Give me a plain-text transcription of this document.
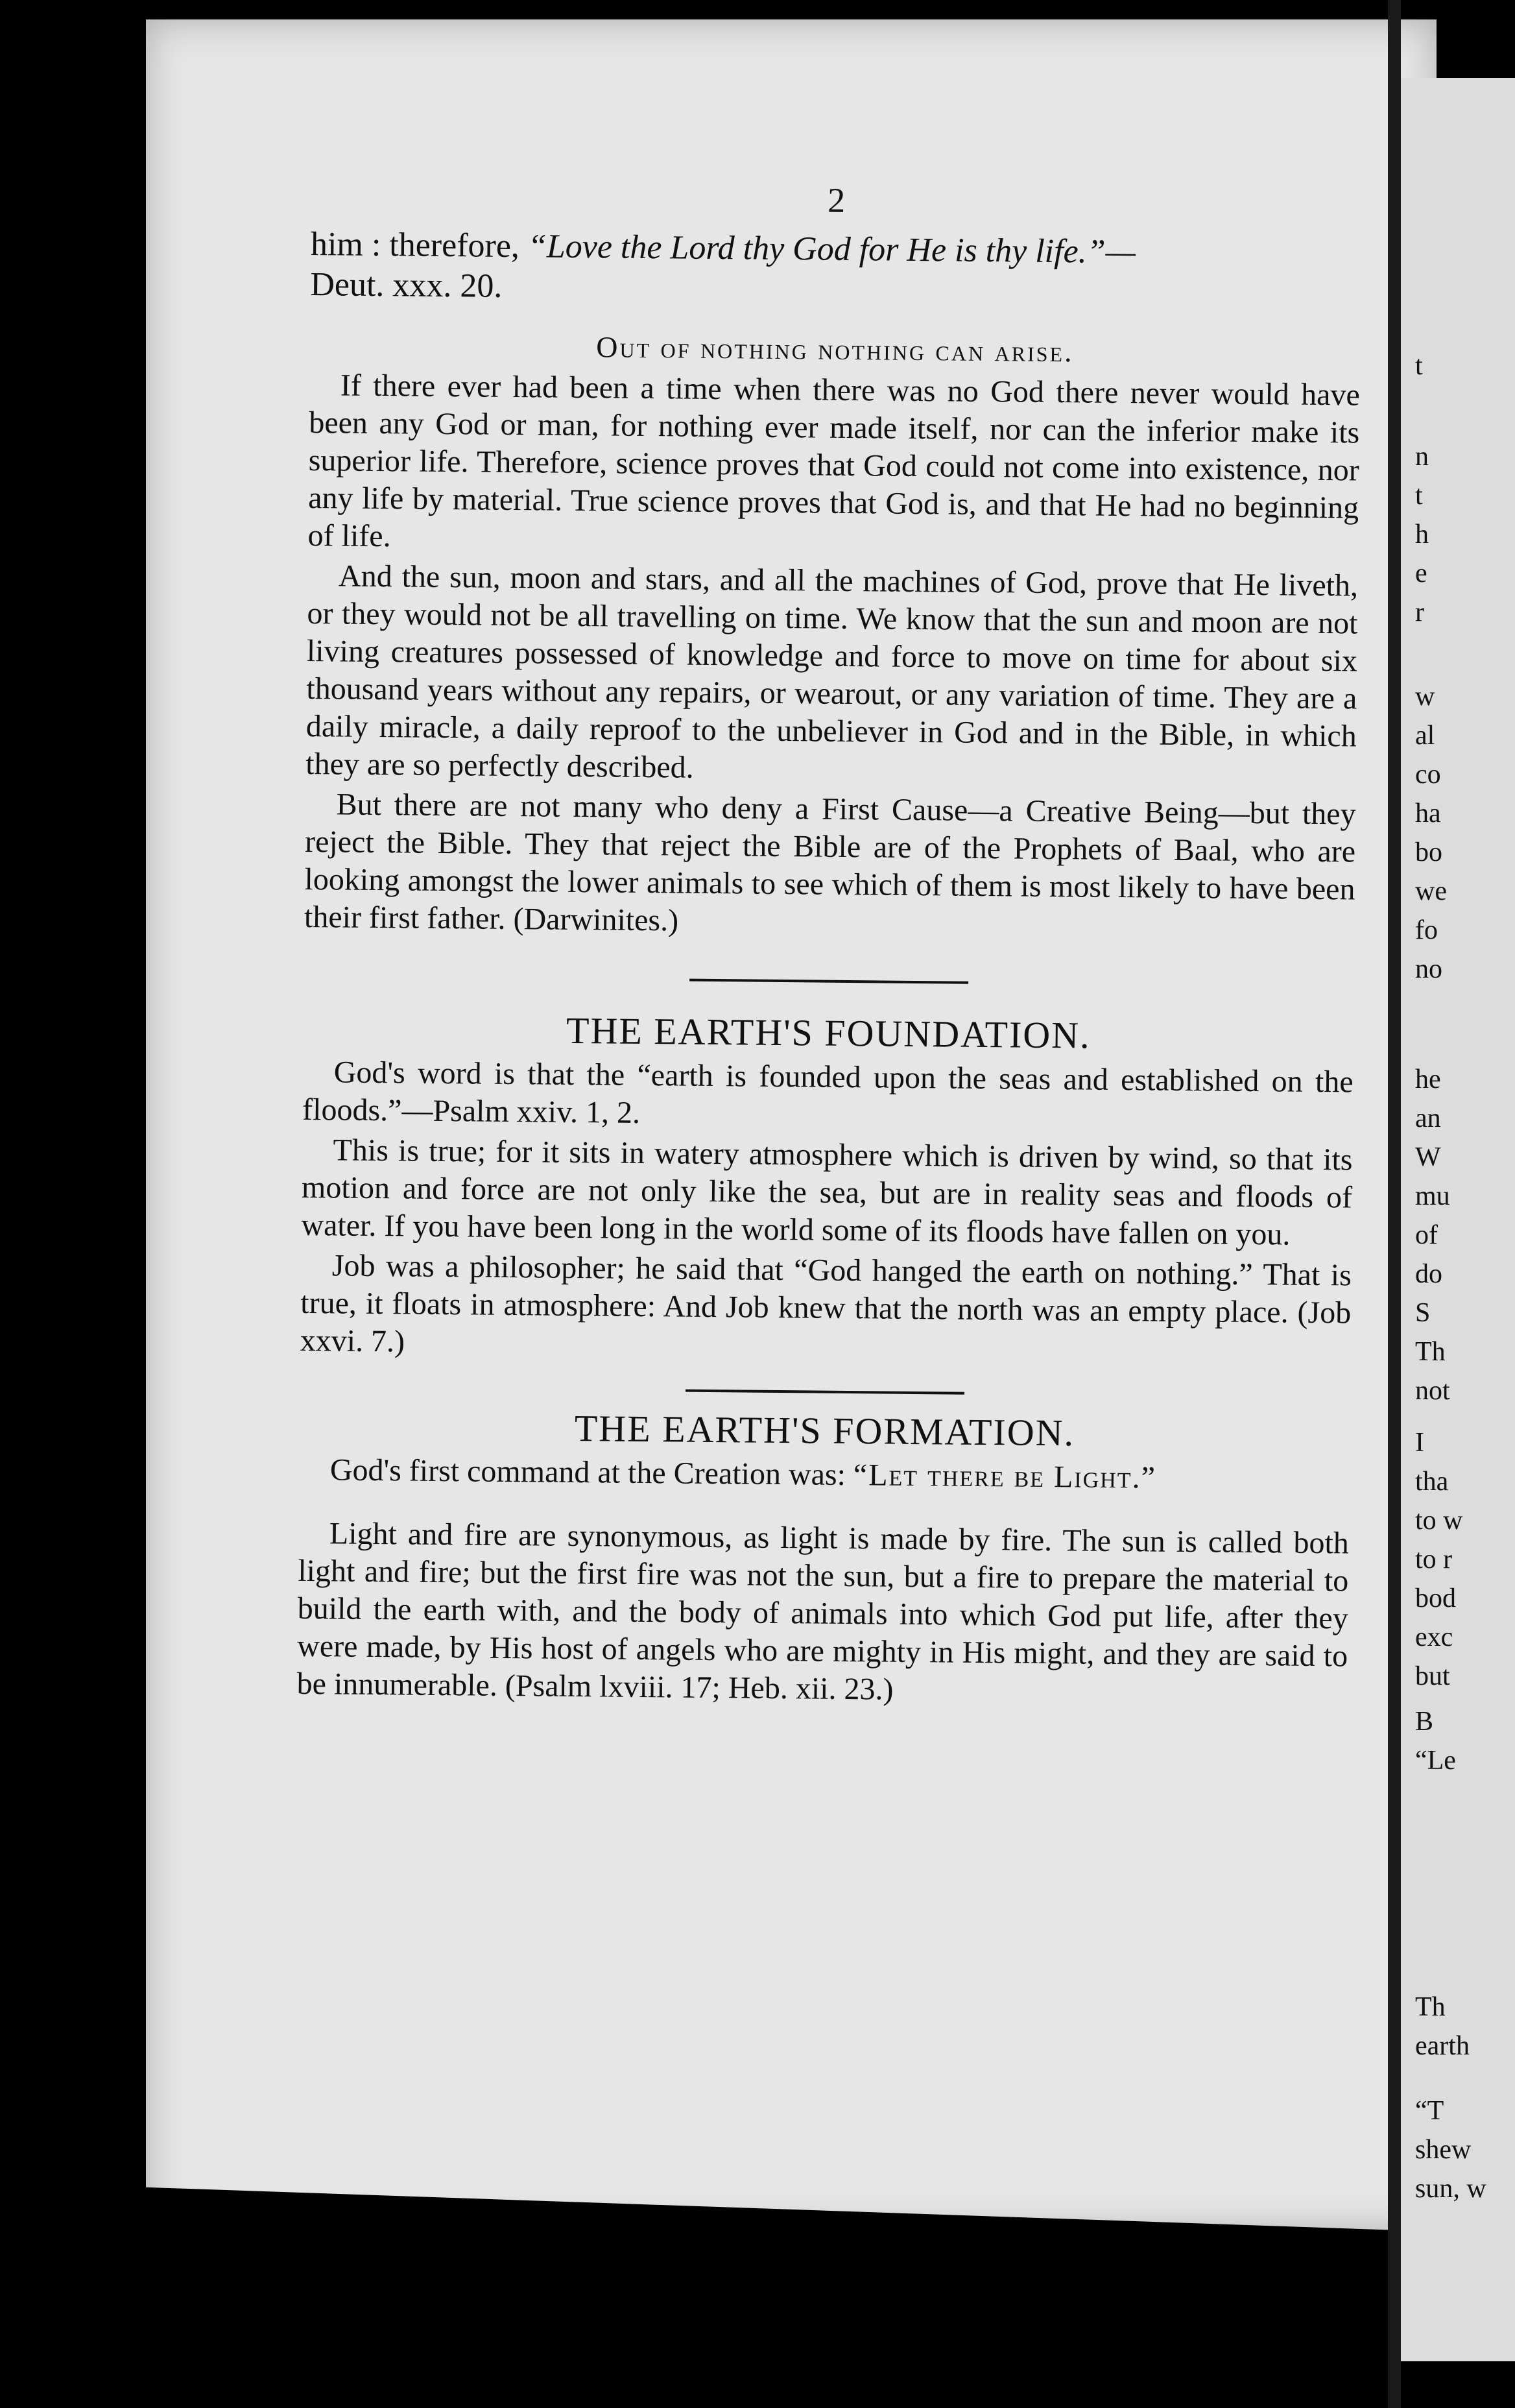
t
n
t
h
e
r
w
al
co
ha
bo
we
fo
no
he
an
W
mu
of
do
S
Th
not
I
tha
to w
to r
bod
exc
but
B
“Le
Th
earth
“T
shew
sun, w
2
him : therefore, “Love the Lord thy God for He is thy life.”—
Deut. xxx. 20.
Out of nothing nothing can arise.

If there ever had been a time when there was no God there never would have been any God or man, for nothing ever made itself, nor can the inferior make its superior life. Therefore, science proves that God could not come into existence, nor any life by material. True science proves that God is, and that He had no beginning of life.

And the sun, moon and stars, and all the machines of God, prove that He liveth, or they would not be all travelling on time. We know that the sun and moon are not living creatures possessed of knowledge and force to move on time for about six thousand years without any repairs, or wearout, or any variation of time. They are a daily miracle, a daily reproof to the unbeliever in God and in the Bible, in which they are so perfectly described.

But there are not many who deny a First Cause—a Creative Being—but they reject the Bible. They that reject the Bible are of the Prophets of Baal, who are looking amongst the lower animals to see which of them is most likely to have been their first father. (Darwinites.)

THE EARTH'S FOUNDATION.

God's word is that the “earth is founded upon the seas and established on the floods.”—Psalm xxiv. 1, 2.

This is true; for it sits in watery atmosphere which is driven by wind, so that its motion and force are not only like the sea, but are in reality seas and floods of water. If you have been long in the world some of its floods have fallen on you.

Job was a philosopher; he said that “God hanged the earth on nothing.” That is true, it floats in atmosphere: And Job knew that the north was an empty place. (Job xxvi. 7.)

THE EARTH'S FORMATION.

God's first command at the Creation was: “Let there be Light.”

Light and fire are synonymous, as light is made by fire. The sun is called both light and fire; but the first fire was not the sun, but a fire to prepare the material to build the earth with, and the body of animals into which God put life, after they were made, by His host of angels who are mighty in His might, and they are said to be innumerable. (Psalm lxviii. 17; Heb. xii. 23.)
